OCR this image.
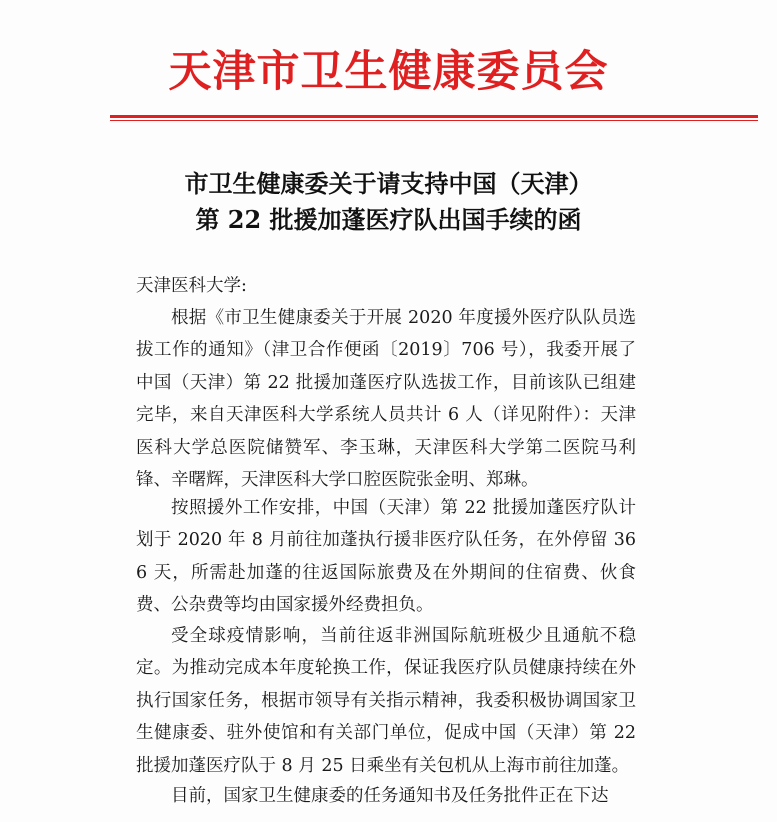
天津市卫生健康委员会
市卫生健康委关于请支持中国（天津）
第 22 批援加蓬医疗队出国手续的函
天津医科大学:

根据《市卫生健康委关于开展 2020 年度援外医疗队队员选拔工作的通知》（津卫合作便函〔2019〕706 号），我委开展了中国（天津）第 22 批援加蓬医疗队选拔工作，目前该队已组建完毕，来自天津医科大学系统人员共计 6 人（详见附件）：天津医科大学总医院储赞军、李玉琳，天津医科大学第二医院马利锋、辛曙辉，天津医科大学口腔医院张金明、郑琳。

按照援外工作安排，中国（天津）第 22 批援加蓬医疗队计划于 2020 年 8 月前往加蓬执行援非医疗队任务，在外停留 366 天，所需赴加蓬的往返国际旅费及在外期间的住宿费、伙食费、公杂费等均由国家援外经费担负。

受全球疫情影响，当前往返非洲国际航班极少且通航不稳定。为推动完成本年度轮换工作，保证我医疗队员健康持续在外执行国家任务，根据市领导有关指示精神，我委积极协调国家卫生健康委、驻外使馆和有关部门单位，促成中国（天津）第 22 批援加蓬医疗队于 8 月 25 日乘坐有关包机从上海市前往加蓬。

目前，国家卫生健康委的任务通知书及任务批件正在下达
